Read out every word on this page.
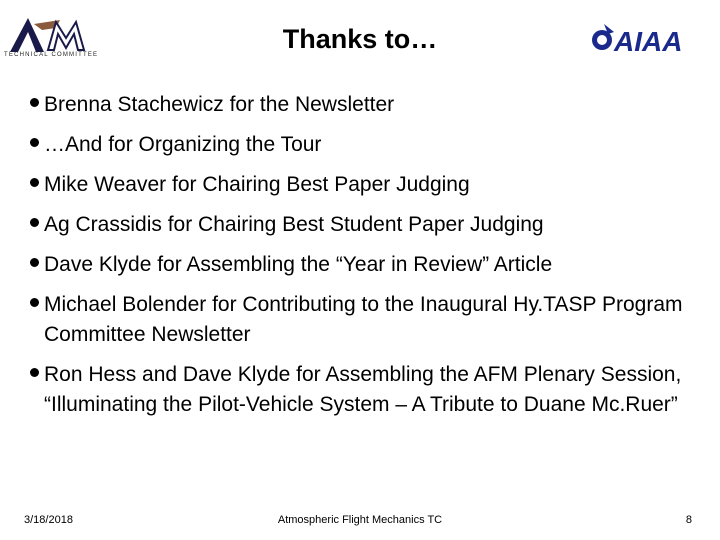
TECHNICAL COMMITTEE
Thanks to…	AIAA
Brenna Stachewicz for the Newsletter
…And for Organizing the Tour
Mike Weaver for Chairing Best Paper Judging
Ag Crassidis for Chairing Best Student Paper Judging
Dave Klyde for Assembling the “Year in Review” Article
Michael Bolender for Contributing to the Inaugural Hy.TASP Program Committee Newsletter
Ron Hess and Dave Klyde for Assembling the AFM Plenary Session, “Illuminating the Pilot-Vehicle System – A Tribute to Duane Mc.Ruer”
3/18/2018	Atmospheric Flight Mechanics TC	8
